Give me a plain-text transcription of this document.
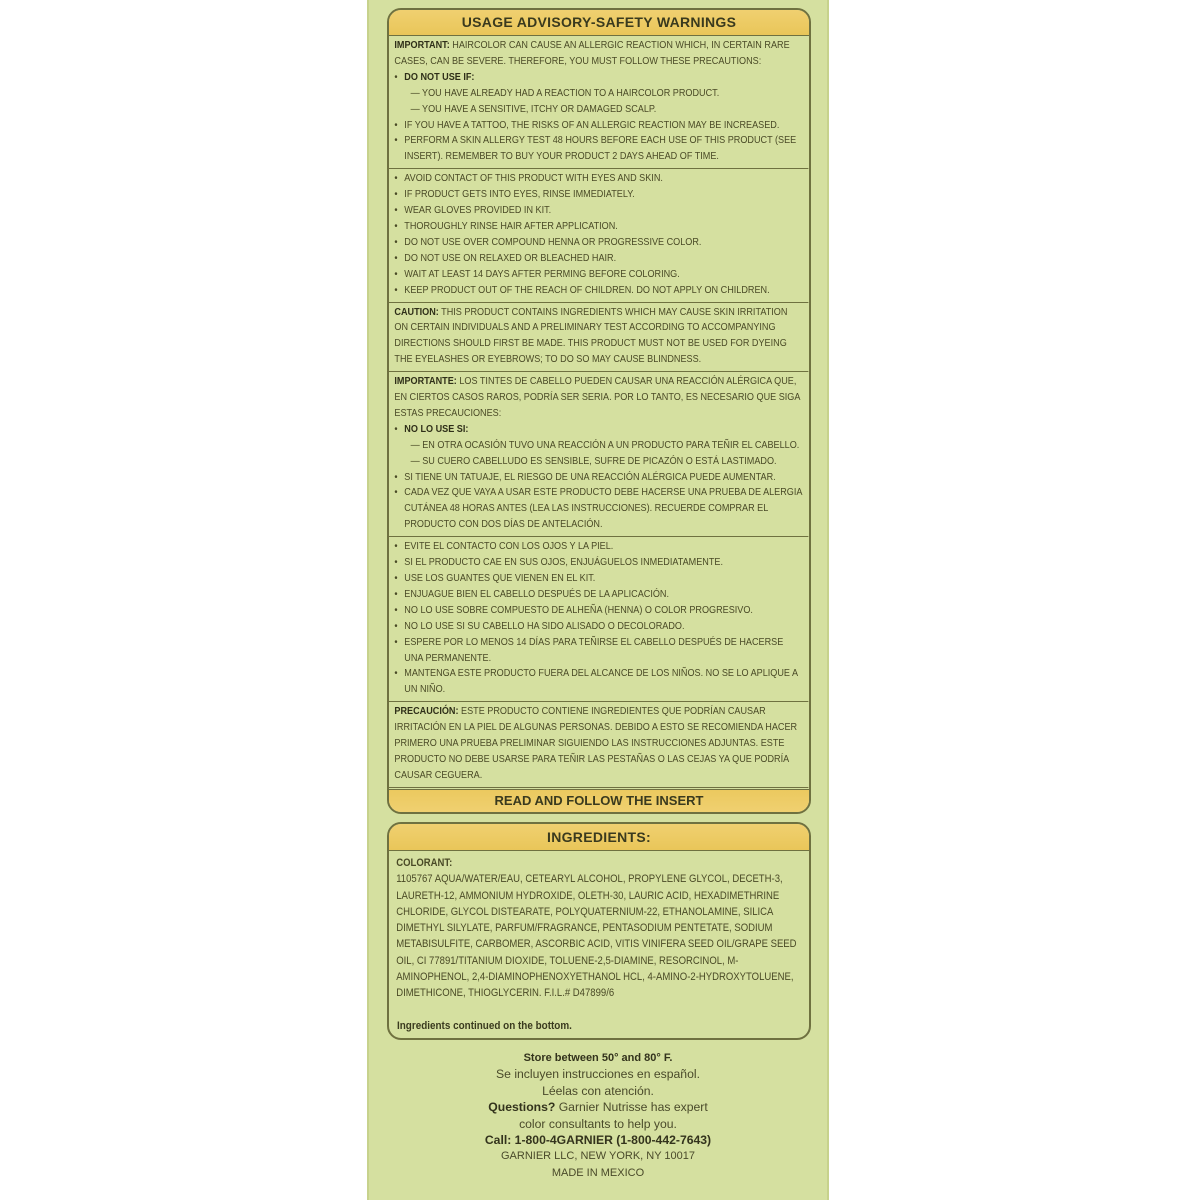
USAGE ADVISORY-SAFETY WARNINGS
IMPORTANT: HAIRCOLOR CAN CAUSE AN ALLERGIC REACTION WHICH, IN CERTAIN RARE CASES, CAN BE SEVERE. THEREFORE, YOU MUST FOLLOW THESE PRECAUTIONS:
• DO NOT USE IF:
— YOU HAVE ALREADY HAD A REACTION TO A HAIRCOLOR PRODUCT.
— YOU HAVE A SENSITIVE, ITCHY OR DAMAGED SCALP.
• IF YOU HAVE A TATTOO, THE RISKS OF AN ALLERGIC REACTION MAY BE INCREASED.
• PERFORM A SKIN ALLERGY TEST 48 HOURS BEFORE EACH USE OF THIS PRODUCT (SEE INSERT). REMEMBER TO BUY YOUR PRODUCT 2 DAYS AHEAD OF TIME.
• AVOID CONTACT OF THIS PRODUCT WITH EYES AND SKIN.
• IF PRODUCT GETS INTO EYES, RINSE IMMEDIATELY.
• WEAR GLOVES PROVIDED IN KIT.
• THOROUGHLY RINSE HAIR AFTER APPLICATION.
• DO NOT USE OVER COMPOUND HENNA OR PROGRESSIVE COLOR.
• DO NOT USE ON RELAXED OR BLEACHED HAIR.
• WAIT AT LEAST 14 DAYS AFTER PERMING BEFORE COLORING.
• KEEP PRODUCT OUT OF THE REACH OF CHILDREN. DO NOT APPLY ON CHILDREN.
CAUTION: THIS PRODUCT CONTAINS INGREDIENTS WHICH MAY CAUSE SKIN IRRITATION ON CERTAIN INDIVIDUALS AND A PRELIMINARY TEST ACCORDING TO ACCOMPANYING DIRECTIONS SHOULD FIRST BE MADE. THIS PRODUCT MUST NOT BE USED FOR DYEING THE EYELASHES OR EYEBROWS; TO DO SO MAY CAUSE BLINDNESS.
IMPORTANTE: LOS TINTES DE CABELLO PUEDEN CAUSAR UNA REACCIÓN ALÉRGICA QUE, EN CIERTOS CASOS RAROS, PODRÍA SER SERIA. POR LO TANTO, ES NECESARIO QUE SIGA ESTAS PRECAUCIONES:
• NO LO USE SI:
— EN OTRA OCASIÓN TUVO UNA REACCIÓN A UN PRODUCTO PARA TEÑIR EL CABELLO.
— SU CUERO CABELLUDO ES SENSIBLE, SUFRE DE PICAZÓN O ESTÁ LASTIMADO.
• SI TIENE UN TATUAJE, EL RIESGO DE UNA REACCIÓN ALÉRGICA PUEDE AUMENTAR.
• CADA VEZ QUE VAYA A USAR ESTE PRODUCTO DEBE HACERSE UNA PRUEBA DE ALERGIA CUTÁNEA 48 HORAS ANTES (LEA LAS INSTRUCCIONES). RECUERDE COMPRAR EL PRODUCTO CON DOS DÍAS DE ANTELACIÓN.
• EVITE EL CONTACTO CON LOS OJOS Y LA PIEL.
• SI EL PRODUCTO CAE EN SUS OJOS, ENJUÁGUELOS INMEDIATAMENTE.
• USE LOS GUANTES QUE VIENEN EN EL KIT.
• ENJUAGUE BIEN EL CABELLO DESPUÉS DE LA APLICACIÓN.
• NO LO USE SOBRE COMPUESTO DE ALHEÑA (HENNA) O COLOR PROGRESIVO.
• NO LO USE SI SU CABELLO HA SIDO ALISADO O DECOLORADO.
• ESPERE POR LO MENOS 14 DÍAS PARA TEÑIRSE EL CABELLO DESPUÉS DE HACERSE UNA PERMANENTE.
• MANTENGA ESTE PRODUCTO FUERA DEL ALCANCE DE LOS NIÑOS. NO SE LO APLIQUE A UN NIÑO.
PRECAUCIÓN: ESTE PRODUCTO CONTIENE INGREDIENTES QUE PODRÍAN CAUSAR IRRITACIÓN EN LA PIEL DE ALGUNAS PERSONAS. DEBIDO A ESTO SE RECOMIENDA HACER PRIMERO UNA PRUEBA PRELIMINAR SIGUIENDO LAS INSTRUCCIONES ADJUNTAS. ESTE PRODUCTO NO DEBE USARSE PARA TEÑIR LAS PESTAÑAS O LAS CEJAS YA QUE PODRÍA CAUSAR CEGUERA.
READ AND FOLLOW THE INSERT
INGREDIENTS:
COLORANT:
1105767 AQUA/WATER/EAU, CETEARYL ALCOHOL, PROPYLENE GLYCOL, DECETH-3, LAURETH-12, AMMONIUM HYDROXIDE, OLETH-30, LAURIC ACID, HEXADIMETHRINE CHLORIDE, GLYCOL DISTEARATE, POLYQUATERNIUM-22, ETHANOLAMINE, SILICA DIMETHYL SILYLATE, PARFUM/FRAGRANCE, PENTASODIUM PENTETATE, SODIUM METABISULFITE, CARBOMER, ASCORBIC ACID, VITIS VINIFERA SEED OIL/GRAPE SEED OIL, CI 77891/TITANIUM DIOXIDE, TOLUENE-2,5-DIAMINE, RESORCINOL, M-AMINOPHENOL, 2,4-DIAMINOPHENOXYETHANOL HCL, 4-AMINO-2-HYDROXYTOLUENE, DIMETHICONE, THIOGLYCERIN. F.I.L.# D47899/6
Ingredients continued on the bottom.
Store between 50° and 80° F.
Se incluyen instrucciones en español.
Léelas con atención.
Questions? Garnier Nutrisse has expert
color consultants to help you.
Call: 1-800-4GARNIER (1-800-442-7643)
GARNIER LLC, NEW YORK, NY 10017
MADE IN MEXICO
